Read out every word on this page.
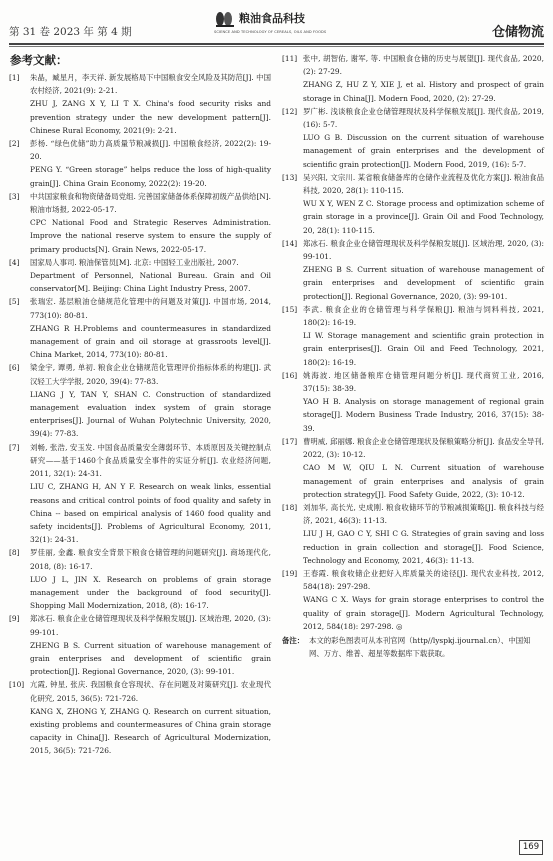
第 31 卷 2023 年 第 4 期
粮油食品科技
SCIENCE AND TECHNOLOGY OF CEREALS, OILS AND FOODS	仓储物流
参考文献：
[1] 朱晶，臧星月，李天祥. 新发展格局下中国粮食安全风险及其防范[J]. 中国农村经济, 2021(9): 2-21.
ZHU J, ZANG X Y, LI T X. China's food security risks and prevention strategy under the new development pattern[J]. Chinese Rural Economy, 2021(9): 2-21.
[2] 彭杨. “绿色优储”助力高质量节粮减损[J]. 中国粮食经济, 2022(2): 19-20.
PENG Y. “Green storage” helps reduce the loss of high-quality grain[J]. China Grain Economy, 2022(2): 19-20.
[3] 中共国家粮食和物资储备局党组. 完善国家储备体系保障初级产品供给[N]. 粮油市场报, 2022-05-17.
CPC National Food and Strategic Reserves Administration. Improve the national reserve system to ensure the supply of primary products[N]. Grain News, 2022-05-17.
[4] 国家局人事司. 粮油保管员[M]. 北京: 中国轻工业出版社, 2007.
Department of Personnel, National Bureau. Grain and Oil conservator[M]. Beijing: China Light Industry Press, 2007.
[5] 张瑞宏. 基层粮油仓储规范化管理中的问题及对策[J]. 中国市场, 2014, 773(10): 80-81.
ZHANG R H.Problems and countermeasures in standardized management of grain and oil storage at grassroots level[J]. China Market, 2014, 773(10): 80-81.
[6] 梁金宇, 谭勇, 单初. 粮食企业仓储规范化管理评价指标体系的构建[J]. 武汉轻工大学学报, 2020, 39(4): 77-83.
LIANG J Y, TAN Y, SHAN C. Construction of standardized management evaluation index system of grain storage enterprises[J]. Journal of Wuhan Polytechnic University, 2020, 39(4): 77-83.
[7] 刘畅, 张浩, 安玉发. 中国食品质量安全薄弱环节、本质原因及关键控制点研究——基于1460个食品质量安全事件的实证分析[J]. 农业经济问题, 2011, 32(1): 24-31.
LIU C, ZHANG H, AN Y F. Research on weak links, essential reasons and critical control points of food quality and safety in China -- based on empirical analysis of 1460 food quality and safety incidents[J]. Problems of Agricultural Economy, 2011, 32(1): 24-31.
[8] 罗佳丽, 金鑫. 粮食安全背景下粮食仓储管理的问题研究[J]. 商场现代化, 2018, (8): 16-17.
LUO J L, JIN X. Research on problems of grain storage management under the background of food security[J]. Shopping Mall Modernization, 2018, (8): 16-17.
[9] 郑冰石. 粮食企业仓储管理现状及科学保粮发展[J]. 区域治理, 2020, (3): 99-101.
ZHENG B S. Current situation of warehouse management of grain enterprises and development of scientific grain protection[J]. Regional Governance, 2020, (3): 99-101.
[10] 亢霞, 钟星, 张庆. 我国粮食仓容现状、存在问题及对策研究[J]. 农业现代化研究, 2015, 36(5): 721-726.
KANG X, ZHONG Y, ZHANG Q. Research on current situation, existing problems and countermeasures of China grain storage capacity in China[J]. Research of Agricultural Modernization, 2015, 36(5): 721-726.
[11] 张中, 胡智佑, 谢军, 等. 中国粮食仓储的历史与展望[J]. 现代食品, 2020, (2): 27-29.
ZHANG Z, HU Z Y, XIE J, et al. History and prospect of grain storage in China[J]. Modern Food, 2020, (2): 27-29.
[12] 罗广彬. 浅谈粮食企业仓储管理现状及科学保粮发展[J]. 现代食品, 2019, (16): 5-7.
LUO G B. Discussion on the current situation of warehouse management of grain enterprises and the development of scientific grain protection[J]. Modern Food, 2019, (16): 5-7.
[13] 吴兴阳, 文宗川. 某省粮食储备库的仓储作业流程及优化方案[J]. 粮油食品科技, 2020, 28(1): 110-115.
WU X Y, WEN Z C. Storage process and optimization scheme of grain storage in a province[J]. Grain Oil and Food Technology, 20, 28(1): 110-115.
[14] 郑冰石. 粮食企业仓储管理现状及科学保粮发展[J]. 区域治理, 2020, (3): 99-101.
ZHENG B S. Current situation of warehouse management of grain enterprises and development of scientific grain protection[J]. Regional Governance, 2020, (3): 99-101.
[15] 李武. 粮食企业的仓储管理与科学保粮[J]. 粮油与饲料科技, 2021, 180(2): 16-19.
LI W. Storage management and scientific grain protection in grain enterprises[J]. Grain Oil and Feed Technology, 2021, 180(2): 16-19.
[16] 姚海波. 地区储备粮库仓储管理问题分析[J]. 现代商贸工业, 2016, 37(15): 38-39.
YAO H B. Analysis on storage management of regional grain storage[J]. Modern Business Trade Industry, 2016, 37(15): 38-39.
[17] 曹明威, 邱丽娜. 粮食企业仓储管理现状及保粮策略分析[J]. 食品安全导刊, 2022, (3): 10-12.
CAO M W, QIU L N. Current situation of warehouse management of grain enterprises and analysis of grain protection strategy[J]. Food Safety Guide, 2022, (3): 10-12.
[18] 刘加华, 高长光, 史成刚. 粮食收储环节的节粮减损策略[J]. 粮食科技与经济, 2021, 46(3): 11-13.
LIU J H, GAO C Y, SHI C G. Strategies of grain saving and loss reduction in grain collection and storage[J]. Food Science, Technology and Economy, 2021, 46(3): 11-13.
[19] 王春霞. 粮食收储企业把好入库质量关的途径[J]. 现代农业科技, 2012, 584(18): 297-298.
WANG C X. Ways for grain storage enterprises to control the quality of grain storage[J]. Modern Agricultural Technology, 2012, 584(18): 297-298. ◎
备注： 本文的彩色图表可从本刊官网（http//lyspkj.ijournal.cn）、中国知网、万方、维普、超星等数据库下载获取。
169
